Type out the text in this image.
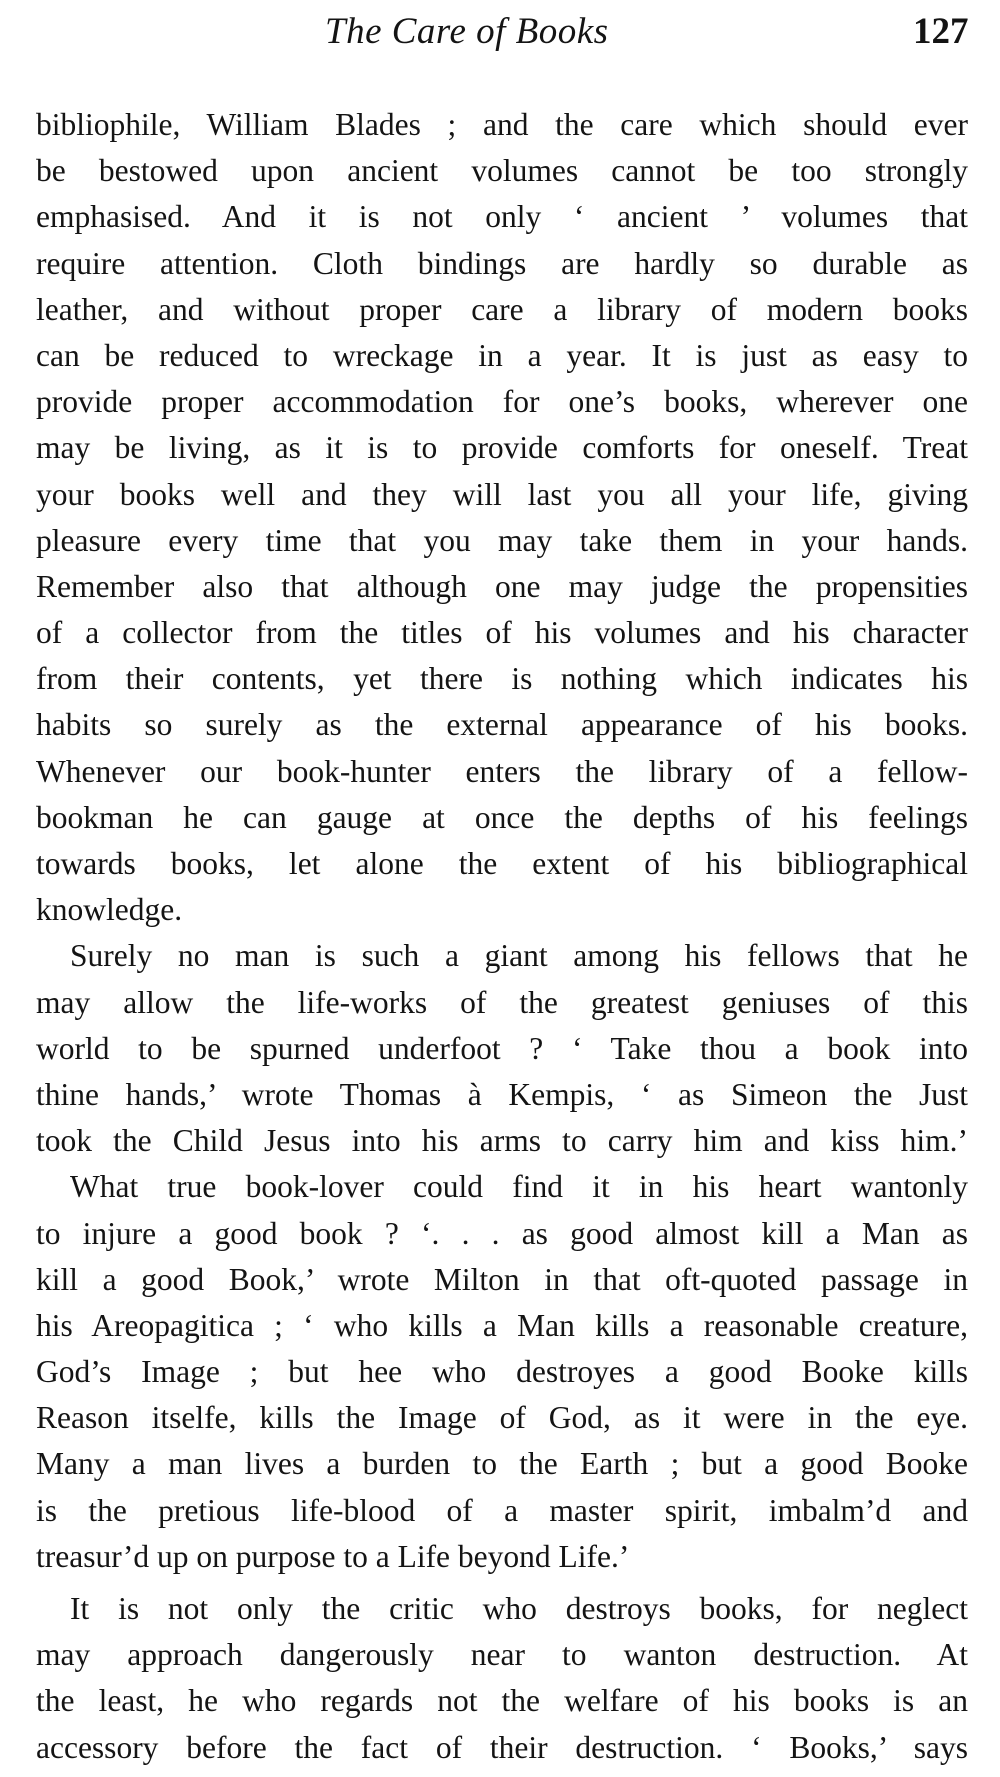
The Care of Books	127
bibliophile, William Blades ; and the care which should ever
be bestowed upon ancient volumes cannot be too strongly
emphasised. And it is not only ‘ ancient ’ volumes that
require attention. Cloth bindings are hardly so durable as
leather, and without proper care a library of modern books
can be reduced to wreckage in a year. It is just as easy to
provide proper accommodation for one’s books, wherever one
may be living, as it is to provide comforts for oneself. Treat
your books well and they will last you all your life, giving
pleasure every time that you may take them in your hands.
Remember also that although one may judge the propensities
of a collector from the titles of his volumes and his character
from their contents, yet there is nothing which indicates his
habits so surely as the external appearance of his books.
Whenever our book-hunter enters the library of a fellow-
bookman he can gauge at once the depths of his feelings
towards books, let alone the extent of his bibliographical
knowledge.
Surely no man is such a giant among his fellows that he
may allow the life-works of the greatest geniuses of this
world to be spurned underfoot ? ‘ Take thou a book into
thine hands,’ wrote Thomas à Kempis, ‘ as Simeon the Just
took the Child Jesus into his arms to carry him and kiss him.’
What true book-lover could find it in his heart wantonly
to injure a good book ? ‘. . . as good almost kill a Man as
kill a good Book,’ wrote Milton in that oft-quoted passage in
his Areopagitica ; ‘ who kills a Man kills a reasonable creature,
God’s Image ; but hee who destroyes a good Booke kills
Reason itselfe, kills the Image of God, as it were in the eye.
Many a man lives a burden to the Earth ; but a good Booke
is the pretious life-blood of a master spirit, imbalm’d and
treasur’d up on purpose to a Life beyond Life.’
It is not only the critic who destroys books, for neglect
may approach dangerously near to wanton destruction. At
the least, he who regards not the welfare of his books is an
accessory before the fact of their destruction. ‘ Books,’ says
